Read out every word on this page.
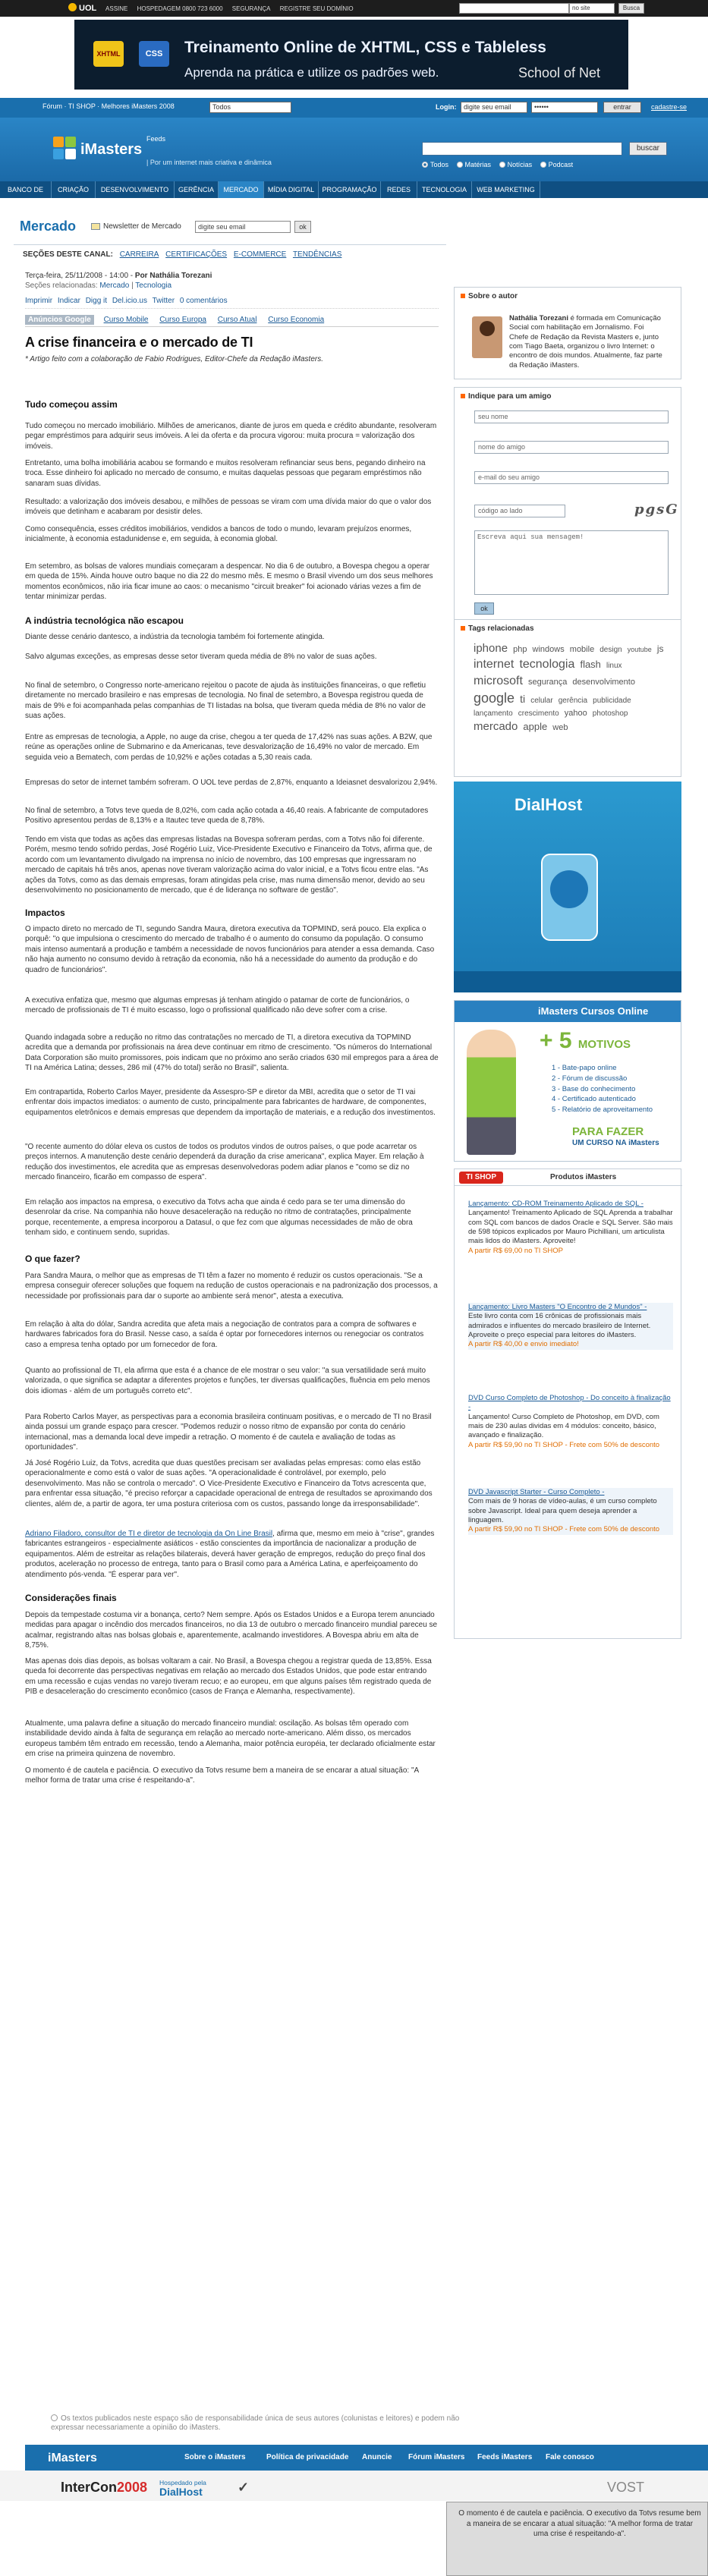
UOL ASSINE HOSPEDAGEM 0800 723 6000 SEGURANÇA REGISTRE SEU DOMÍNIO	no site	Busca
XHTML	CSS	Treinamento Online de XHTML, CSS e Tableless
Aprenda na prática e utilize os padrões web.	School of Net
Fórum · TI SHOP · Melhores iMasters 2008	Todos	Login:	digite seu email	••••••	entrar	cadastre-se
iMasters
Feeds
| Por um internet mais criativa e dinâmica
buscar
Todos Matérias Notícias Podcast
BANCO DE DADOS
CRIAÇÃO	DESENVOLVIMENTO	GERÊNCIA	MERCADO	MÍDIA DIGITAL	PROGRAMAÇÃO	REDES	TECNOLOGIA	WEB MARKETING
Mercado	Newsletter de Mercado	digite seu email	ok
SEÇÕES DESTE CANAL: CARREIRA CERTIFICAÇÕES E-COMMERCE TENDÊNCIAS
Terça-feira, 25/11/2008 - 14:00 - Por Nathália Torezani
Seções relacionadas: Mercado | Tecnologia
Imprimir Indicar Digg it Del.icio.us Twitter 0 comentários
Anúncios Google Curso Mobile Curso Europa Curso Atual Curso Economia
A crise financeira e o mercado de TI
* Artigo feito com a colaboração de Fabio Rodrigues, Editor-Chefe da Redação iMasters.
Tudo começou assim

Tudo começou no mercado imobiliário. Milhões de americanos, diante de juros em queda e crédito abundante, resolveram pegar empréstimos para adquirir seus imóveis. A lei da oferta e da procura vigorou: muita procura = valorização dos imóveis.

Entretanto, uma bolha imobiliária acabou se formando e muitos resolveram refinanciar seus bens, pegando dinheiro na troca. Esse dinheiro foi aplicado no mercado de consumo, e muitas daquelas pessoas que pegaram empréstimos não sanaram suas dívidas.

Resultado: a valorização dos imóveis desabou, e milhões de pessoas se viram com uma dívida maior do que o valor dos imóveis que detinham e acabaram por desistir deles.

Como consequência, esses créditos imobiliários, vendidos a bancos de todo o mundo, levaram prejuízos enormes, inicialmente, à economia estadunidense e, em seguida, à economia global.

Em setembro, as bolsas de valores mundiais começaram a despencar. No dia 6 de outubro, a Bovespa chegou a operar em queda de 15%. Ainda houve outro baque no dia 22 do mesmo mês. E mesmo o Brasil vivendo um dos seus melhores momentos econômicos, não iria ficar imune ao caos: o mecanismo "circuit breaker" foi acionado várias vezes a fim de tentar minimizar perdas.

A indústria tecnológica não escapou

Diante desse cenário dantesco, a indústria da tecnologia também foi fortemente atingida.

Salvo algumas exceções, as empresas desse setor tiveram queda média de 8% no valor de suas ações.

No final de setembro, o Congresso norte-americano rejeitou o pacote de ajuda às instituições financeiras, o que refletiu diretamente no mercado brasileiro e nas empresas de tecnologia. No final de setembro, a Bovespa registrou queda de mais de 9% e foi acompanhada pelas companhias de TI listadas na bolsa, que tiveram queda média de 8% no valor de suas ações.

Entre as empresas de tecnologia, a Apple, no auge da crise, chegou a ter queda de 17,42% nas suas ações. A B2W, que reúne as operações online de Submarino e da Americanas, teve desvalorização de 16,49% no valor de mercado. Em seguida veio a Bematech, com perdas de 10,92% e ações cotadas a 5,30 reais cada.

Empresas do setor de internet também sofreram. O UOL teve perdas de 2,87%, enquanto a Ideiasnet desvalorizou 2,94%.

No final de setembro, a Totvs teve queda de 8,02%, com cada ação cotada a 46,40 reais. A fabricante de computadores Positivo apresentou perdas de 8,13% e a Itautec teve queda de 8,78%.

Tendo em vista que todas as ações das empresas listadas na Bovespa sofreram perdas, com a Totvs não foi diferente. Porém, mesmo tendo sofrido perdas, José Rogério Luiz, Vice-Presidente Executivo e Financeiro da Totvs, afirma que, de acordo com um levantamento divulgado na imprensa no início de novembro, das 100 empresas que ingressaram no mercado de capitais há três anos, apenas nove tiveram valorização acima do valor inicial, e a Totvs ficou entre elas. "As ações da Totvs, como as das demais empresas, foram atingidas pela crise, mas numa dimensão menor, devido ao seu desenvolvimento no posicionamento de mercado, que é de liderança no software de gestão".

Impactos

O impacto direto no mercado de TI, segundo Sandra Maura, diretora executiva da TOPMIND, será pouco. Ela explica o porquê: "o que impulsiona o crescimento do mercado de trabalho é o aumento do consumo da população. O consumo mais intenso aumentará a produção e também a necessidade de novos funcionários para atender a essa demanda. Caso não haja aumento no consumo devido à retração da economia, não há a necessidade do aumento da produção e do quadro de funcionários".

A executiva enfatiza que, mesmo que algumas empresas já tenham atingido o patamar de corte de funcionários, o mercado de profissionais de TI é muito escasso, logo o profissional qualificado não deve sofrer com a crise.

Quando indagada sobre a redução no ritmo das contratações no mercado de TI, a diretora executiva da TOPMIND acredita que a demanda por profissionais na área deve continuar em ritmo de crescimento. "Os números do International Data Corporation são muito promissores, pois indicam que no próximo ano serão criados 630 mil empregos para a área de TI na América Latina; desses, 286 mil (47% do total) serão no Brasil", salienta.

Em contrapartida, Roberto Carlos Mayer, presidente da Assespro-SP e diretor da MBI, acredita que o setor de TI vai enfrentar dois impactos imediatos: o aumento de custo, principalmente para fabricantes de hardware, de componentes, equipamentos eletrônicos e demais empresas que dependem da importação de materiais, e a redução dos investimentos.

"O recente aumento do dólar eleva os custos de todos os produtos vindos de outros países, o que pode acarretar os preços internos. A manutenção deste cenário dependerá da duração da crise americana", explica Mayer. Em relação à redução dos investimentos, ele acredita que as empresas desenvolvedoras podem adiar planos e "como se diz no mercado financeiro, ficarão em compasso de espera".

Em relação aos impactos na empresa, o executivo da Totvs acha que ainda é cedo para se ter uma dimensão do desenrolar da crise. Na companhia não houve desaceleração na redução no ritmo de contratações, principalmente porque, recentemente, a empresa incorporou a Datasul, o que fez com que algumas necessidades de mão de obra tenham sido, e continuem sendo, supridas.

O que fazer?

Para Sandra Maura, o melhor que as empresas de TI têm a fazer no momento é reduzir os custos operacionais. "Se a empresa conseguir oferecer soluções que foquem na redução de custos operacionais e na padronização dos processos, a necessidade por profissionais para dar o suporte ao ambiente será menor", atesta a executiva.

Em relação à alta do dólar, Sandra acredita que afeta mais a negociação de contratos para a compra de softwares e hardwares fabricados fora do Brasil. Nesse caso, a saída é optar por fornecedores internos ou renegociar os contratos caso a empresa tenha optado por um fornecedor de fora.

Quanto ao profissional de TI, ela afirma que esta é a chance de ele mostrar o seu valor: "a sua versatilidade será muito valorizada, o que significa se adaptar a diferentes projetos e funções, ter diversas qualificações, fluência em pelo menos dois idiomas - além de um português correto etc".

Para Roberto Carlos Mayer, as perspectivas para a economia brasileira continuam positivas, e o mercado de TI no Brasil ainda possui um grande espaço para crescer. "Podemos reduzir o nosso ritmo de expansão por conta do cenário internacional, mas a demanda local deve impedir a retração. O momento é de cautela e avaliação de todas as oportunidades".

Já José Rogério Luiz, da Totvs, acredita que duas questões precisam ser avaliadas pelas empresas: como elas estão operacionalmente e como está o valor de suas ações. "A operacionalidade é controlável, por exemplo, pelo desenvolvimento. Mas não se controla o mercado". O Vice-Presidente Executivo e Financeiro da Totvs acrescenta que, para enfrentar essa situação, "é preciso reforçar a capacidade operacional de entrega de resultados se aproximando dos clientes, além de, a partir de agora, ter uma postura criteriosa com os custos, passando longe da irresponsabilidade".

Adriano Filadoro, consultor de TI e diretor de tecnologia da On Line Brasil, afirma que, mesmo em meio à "crise", grandes fabricantes estrangeiros - especialmente asiáticos - estão conscientes da importância de nacionalizar a produção de equipamentos. Além de estreitar as relações bilaterais, deverá haver geração de empregos, redução do preço final dos produtos, aceleração no processo de entrega, tanto para o Brasil como para a América Latina, e aperfeiçoamento do atendimento pós-venda. "É esperar para ver".

Considerações finais

Depois da tempestade costuma vir a bonança, certo? Nem sempre. Após os Estados Unidos e a Europa terem anunciado medidas para apagar o incêndio dos mercados financeiros, no dia 13 de outubro o mercado financeiro mundial pareceu se acalmar, registrando altas nas bolsas globais e, aparentemente, acalmando investidores. A Bovespa abriu em alta de 8,75%.

Mas apenas dois dias depois, as bolsas voltaram a cair. No Brasil, a Bovespa chegou a registrar queda de 13,85%. Essa queda foi decorrente das perspectivas negativas em relação ao mercado dos Estados Unidos, que pode estar entrando em uma recessão e cujas vendas no varejo tiveram recuo; e ao europeu, em que alguns países têm registrado queda de PIB e desaceleração do crescimento econômico (casos de França e Alemanha, respectivamente).

Atualmente, uma palavra define a situação do mercado financeiro mundial: oscilação. As bolsas têm operado com instabilidade devido ainda à falta de segurança em relação ao mercado norte-americano. Além disso, os mercados europeus também têm entrado em recessão, tendo a Alemanha, maior potência européia, ter declarado oficialmente estar em crise na primeira quinzena de novembro.

O momento é de cautela e paciência. O executivo da Totvs resume bem a maneira de se encarar a atual situação: "A melhor forma de tratar uma crise é respeitando-a".

Sobre o autor
Nathália Torezani é formada em Comunicação Social com habilitação em Jornalismo. Foi Chefe de Redação da Revista Masters e, junto com Tiago Baeta, organizou o livro Internet: o encontro de dois mundos. Atualmente, faz parte da Redação iMasters.
Indique para um amigo
seu nome
nome do amigo
e-mail do seu amigo
código ao lado	pgsG
Escreva aqui sua mensagem!
ok
Tags relacionadas
iphone php windows mobile design youtube js internet tecnologia flash linux microsoft segurança desenvolvimento google ti celular gerência publicidade lançamento crescimento yahoo photoshop mercado apple web
DialHost
iMasters Cursos Online
+ 5 MOTIVOS
1 - Bate-papo online
2 - Fórum de discussão
3 - Base do conhecimento
4 - Certificado autenticado
5 - Relatório de aproveitamento
PARA FAZER
UM CURSO NA iMasters
TI SHOP	Produtos iMasters
Lançamento: CD-ROM Treinamento Aplicado de SQL -
Lançamento! Treinamento Aplicado de SQL Aprenda a trabalhar com SQL com bancos de dados Oracle e SQL Server. São mais de 598 tópicos explicados por Mauro Pichilliani, um articulista mais lidos do iMasters. Aproveite!
A partir R$ 69,00 no TI SHOP
Lançamento: Livro Masters "O Encontro de 2 Mundos" -
Este livro conta com 16 crônicas de profissionais mais admirados e influentes do mercado brasileiro de Internet. Aproveite o preço especial para leitores do iMasters.
A partir R$ 40,00 e envio imediato!
DVD Curso Completo de Photoshop - Do conceito à finalização -
Lançamento! Curso Completo de Photoshop, em DVD, com mais de 230 aulas dividas em 4 módulos: conceito, básico, avançado e finalização.
A partir R$ 59,90 no TI SHOP - Frete com 50% de desconto
DVD Javascript Starter - Curso Completo -
Com mais de 9 horas de vídeo-aulas, é um curso completo sobre Javascript. Ideal para quem deseja aprender a linguagem.
A partir R$ 59,90 no TI SHOP - Frete com 50% de desconto
Os textos publicados neste espaço são de responsabilidade única de seus autores (colunistas e leitores) e podem não expressar necessariamente a opinião do iMasters.
iMasters	Sobre o iMasters	Política de privacidade Anuncie Fórum iMasters Feeds iMasters Fale conosco
InterCon2008 Hospedado pela
DialHost	✓	VOST
O momento é de cautela e paciência. O executivo da Totvs resume bem a maneira de se encarar a atual situação: "A melhor forma de tratar uma crise é respeitando-a".
